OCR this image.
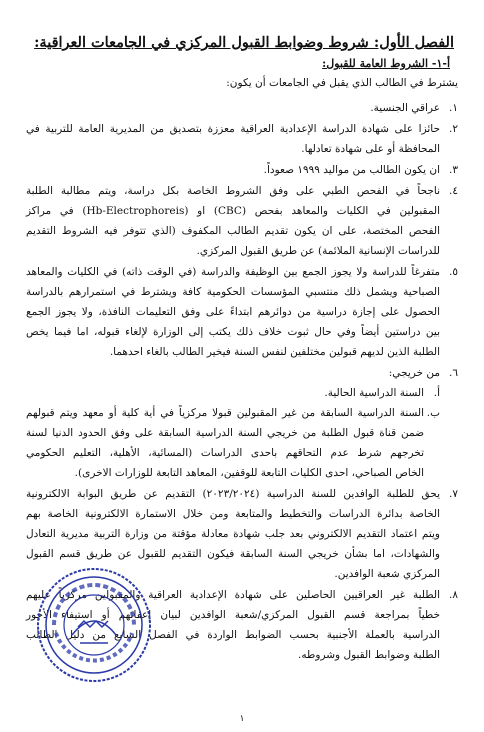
الفصل الأول: شروط وضوابط القبول المركزي في الجامعات العراقية:
أ-١- الشروط العامة للقبول:
يشترط في الطالب الذي يقبل في الجامعات أن يكون:
١.
عراقي الجنسية.
٢.
حائزا على شهادة الدراسة الإعدادية العراقية معززة بتصديق من المديرية العامة للتربية في
المحافظة أو على شهادة تعادلها.
٣.
ان يكون الطالب من مواليد ١٩٩٩ صعوداً.
٤.
ناجحاً في الفحص الطبي على وفق الشروط الخاصة بكل دراسة، ويتم مطالبة الطلبة
المقبولين في الكليات والمعاهد بفحص (CBC) او (Hb-Electrophoreis) في مراكز
الفحص المختصة، على ان يكون تقديم الطالب المكفوف (الذي تتوفر فيه الشروط التقديم
للدراسات الإنسانية الملائمة) عن طريق القبول المركزي.
٥.
متفرغاً للدراسة ولا يجوز الجمع بين الوظيفة والدراسة (في الوقت ذاته) في الكليات والمعاهد
الصباحية ويشمل ذلك منتسبي المؤسسات الحكومية كافة ويشترط في استمرارهم بالدراسة
الحصول على إجازة دراسية من دوائرهم ابتداءً على وفق التعليمات النافذة، ولا يجوز الجمع
بين دراستين أيضاً وفي حال ثبوت خلاف ذلك يكتب إلى الوزارة لإلغاء قبوله، اما فيما يخص
الطلبة الذين لديهم قبولين مختلفين لنفس السنة فيخير الطالب بالغاء احدهما.
٦.
من خريجي:
أ.
السنة الدراسية الحالية.
ب.
السنة الدراسية السابقة من غير المقبولين قبولا مركزياً في أية كلية أو معهد ويتم قبولهم
ضمن قناة قبول الطلبة من خريجي السنة الدراسية السابقة على وفق الحدود الدنيا لسنة
تخرجهم شرط عدم التحاقهم باحدى الدراسات (المسائية، الأهلية، التعليم الحكومي
الخاص الصباحي، احدى الكليات التابعة للوقفين، المعاهد التابعة للوزارات الاخرى).
٧.
يحق للطلبة الوافدين للسنة الدراسية (٢٠٢٣/٢٠٢٤) التقديم عن طريق البوابة الالكترونية
الخاصة بدائرة الدراسات والتخطيط والمتابعة ومن خلال الاستمارة الالكترونية الخاصة بهم
ويتم اعتماد التقديم الالكتروني بعد جلب شهادة معادلة مؤقتة من وزارة التربية مديرية التعادل
والشهادات، اما بشأن خريجي السنة السابقة فيكون التقديم للقبول عن طريق قسم القبول
المركزي شعبة الوافدين.
٨.
الطلبة غير العراقيين الحاصلين على شهادة الإعدادية العراقية والمقبولين مركزياً عليهم
خطياً بمراجعة قسم القبول المركزي/شعبة الوافدين لبيان إعفائهم أو استيفاء الأجور
الدراسية بالعملة الأجنبية بحسب الضوابط الواردة في الفصل السابع من دليل الطالب
الطلبة وضوابط القبول وشروطه.
١
